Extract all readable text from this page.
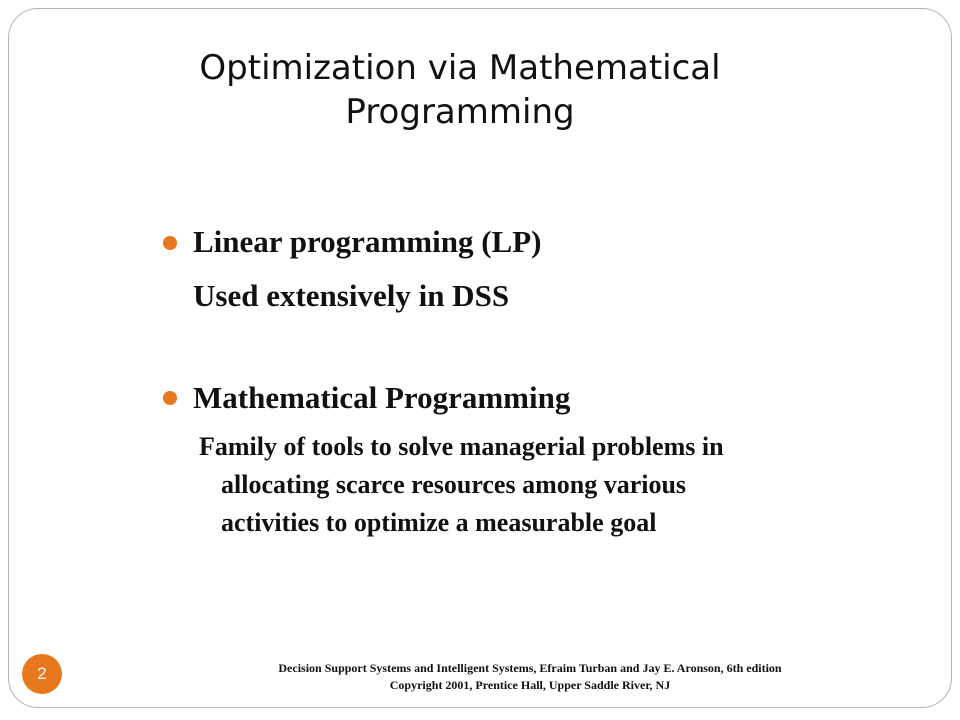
Optimization via Mathematical
Programming
Linear programming (LP)
Used extensively in DSS
Mathematical Programming
Family of tools to solve managerial problems in
allocating scarce resources among various
activities to optimize a measurable goal
2	Decision Support Systems and Intelligent Systems, Efraim Turban and Jay E. Aronson, 6th edition
Copyright 2001, Prentice Hall, Upper Saddle River, NJ
